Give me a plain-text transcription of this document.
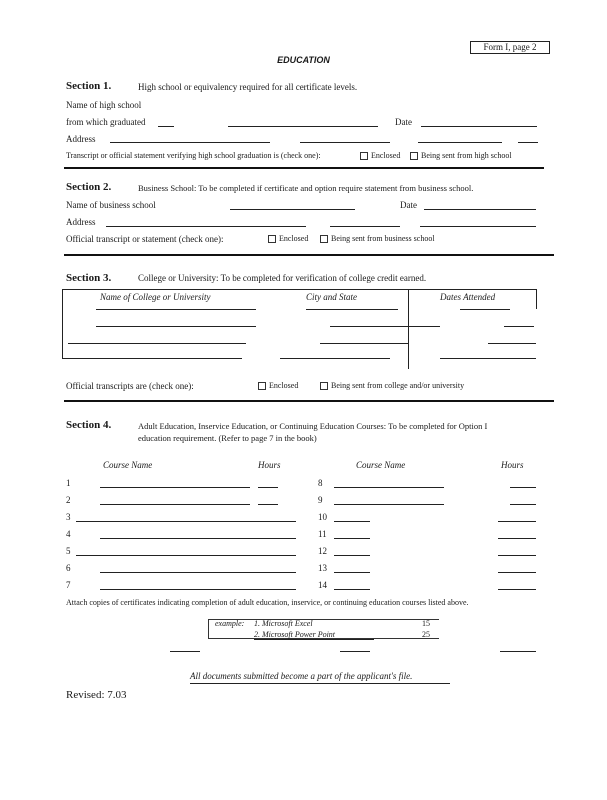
Form I, page 2
EDUCATION
Section 1.	High school or equivalency required for all certificate levels.
Name of high school
from which graduated	Date
Address
Transcript or official statement verifying high school graduation is (check one):	Enclosed	Being sent from high school
Section 2.	Business School: To be completed if certificate and option require statement from business school.
Name of business school	Date
Address
Official transcript or statement (check one):	Enclosed	Being sent from business school
Section 3.	College or University: To be completed for verification of college credit earned.
Name of College or University	City and State	Dates Attended
Official transcripts are (check one):	Enclosed	Being sent from college and/or university
Section 4.	Adult Education, Inservice Education, or Continuing Education Courses: To be completed for Option I
education requirement. (Refer to page 7 in the book)
Course Name	Hours	Course Name	Hours
1	8
2	9
3	10
4	11
5	12
6	13
7	14
Attach copies of certificates indicating completion of adult education, inservice, or continuing education courses listed above.
example: 1. Microsoft Excel	15
2. Microsoft Power Point	25
All documents submitted become a part of the applicant's file.
Revised: 7.03
